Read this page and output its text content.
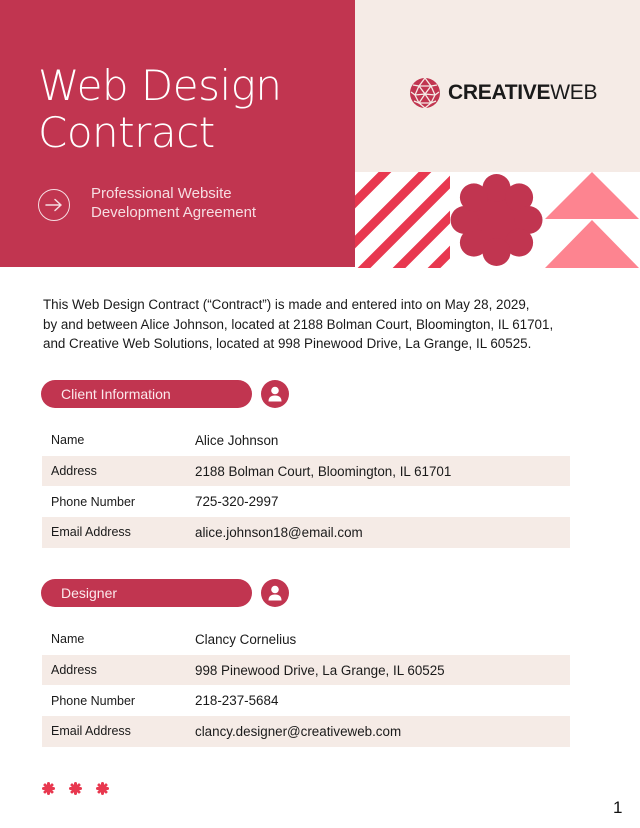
Web Design
Contract
Professional Website
Development Agreement
CREATIVEWEB
This Web Design Contract (“Contract”) is made and entered into on May 28, 2029,
by and between Alice Johnson, located at 2188 Bolman Court, Bloomington, IL 61701,
and Creative Web Solutions, located at 998 Pinewood Drive, La Grange, IL 60525.
Client Information
Name	Alice Johnson
Address	2188 Bolman Court, Bloomington, IL 61701
Phone Number	725-320-2997
Email Address	alice.johnson18@email.com
Designer
Name	Clancy Cornelius
Address	998 Pinewood Drive, La Grange, IL 60525
Phone Number	218-237-5684
Email Address	clancy.designer@creativeweb.com
1
